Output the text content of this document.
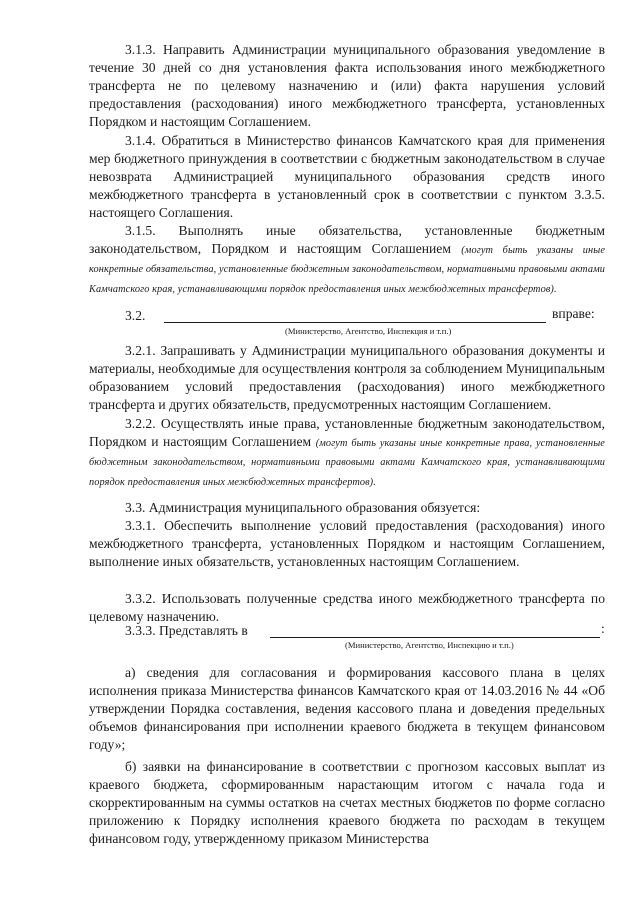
3.1.3. Направить Администрации муниципального образования уведомление в течение 30 дней со дня установления факта использования иного межбюджетного трансферта не по целевому назначению и (или) факта нарушения условий предоставления (расходования) иного межбюджетного трансферта, установленных Порядком и настоящим Соглашением.

3.1.4. Обратиться в Министерство финансов Камчатского края для применения мер бюджетного принуждения в соответствии с бюджетным законодательством в случае невозврата Администрацией муниципального образования средств иного межбюджетного трансферта в установленный срок в соответствии с пунктом 3.3.5. настоящего Соглашения.

3.1.5. Выполнять иные обязательства, установленные бюджетным законодательством, Порядком и настоящим Соглашением (могут быть указаны иные конкретные обязательства, установленные бюджетным законодательством, нормативными правовыми актами Камчатского края, устанавливающими порядок предоставления иных межбюджетных трансфертов).

3.2.	вправе:
(Министерство, Агентство, Инспекция и т.п.)

3.2.1. Запрашивать у Администрации муниципального образования документы и материалы, необходимые для осуществления контроля за соблюдением Муниципальным образованием условий предоставления (расходования) иного межбюджетного трансферта и других обязательств, предусмотренных настоящим Соглашением.

3.2.2. Осуществлять иные права, установленные бюджетным законодательством, Порядком и настоящим Соглашением (могут быть указаны иные конкретные права, установленные бюджетным законодательством, нормативными правовыми актами Камчатского края, устанавливающими порядок предоставления иных межбюджетных трансфертов).

3.3. Администрация муниципального образования обязуется:

3.3.1. Обеспечить выполнение условий предоставления (расходования) иного межбюджетного трансферта, установленных Порядком и настоящим Соглашением, выполнение иных обязательств, установленных настоящим Соглашением.

3.3.2. Использовать полученные средства иного межбюджетного трансферта по целевому назначению.

3.3.3. Представлять в	:
(Министерство, Агентство, Инспекцию и т.п.)

а) сведения для согласования и формирования кассового плана в целях исполнения приказа Министерства финансов Камчатского края от 14.03.2016 № 44 «Об утверждении Порядка составления, ведения кассового плана и доведения предельных объемов финансирования при исполнении краевого бюджета в текущем финансовом году»;

б) заявки на финансирование в соответствии с прогнозом кассовых выплат из краевого бюджета, сформированным нарастающим итогом с начала года и скорректированным на суммы остатков на счетах местных бюджетов по форме согласно приложению к Порядку исполнения краевого бюджета по расходам в текущем финансовом году, утвержденному приказом Министерства
